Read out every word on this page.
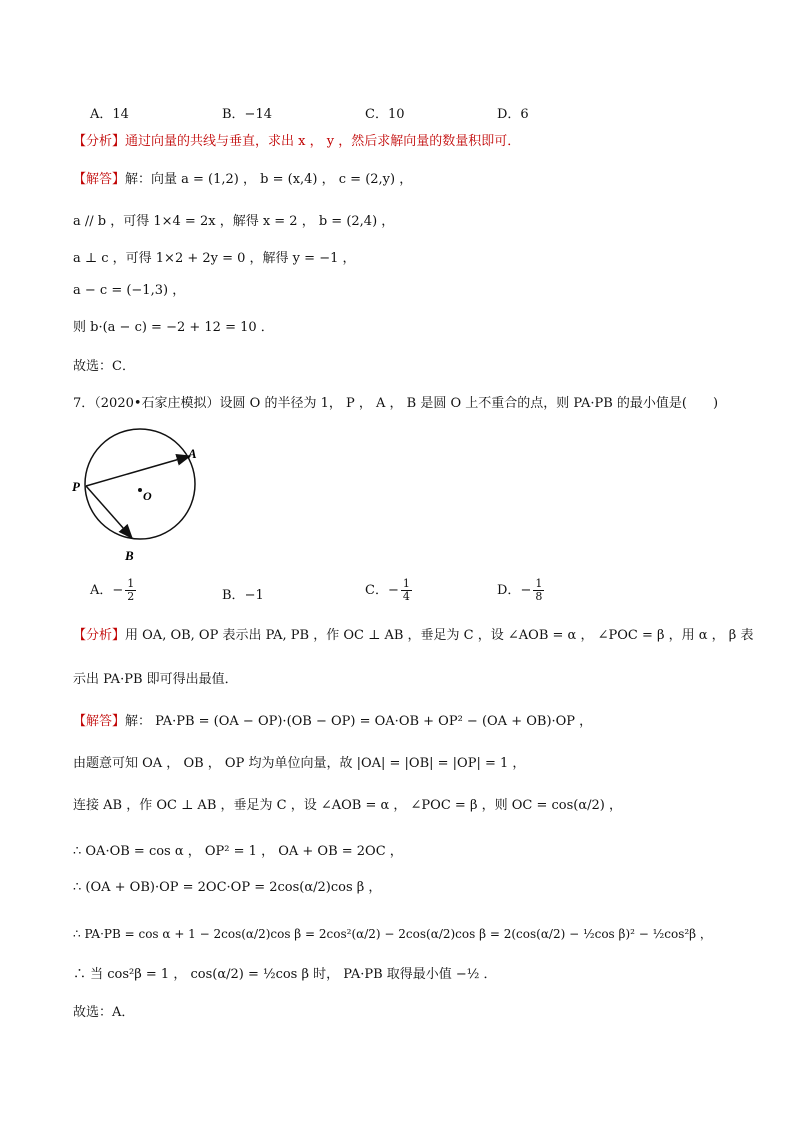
A．14	B．−14	C．10	D．6
【分析】通过向量的共线与垂直，求出 x ， y ，然后求解向量的数量积即可．
【解答】解：向量 a = (1,2) ， b = (x,4) ， c = (2,y) ，
a // b ，可得 1×4 = 2x ，解得 x = 2 ， b = (2,4) ，
a ⊥ c ，可得 1×2 + 2y = 0 ，解得 y = −1 ，
a − c = (−1,3) ，
则 b·(a − c) = −2 + 12 = 10 ．
故选：C．
7．（2020•石家庄模拟）设圆 O 的半径为 1， P ， A ， B 是圆 O 上不重合的点，则 PA·PB 的最小值是(　　)
P
A
B
O
A．− $\frac{1}{2}$	B．−1	C．− $\frac{1}{4}$	D．− $\frac{1}{8}$
【分析】用 OA, OB, OP 表示出 PA, PB ，作 OC ⊥ AB ，垂足为 C ，设 ∠AOB = α ， ∠POC = β ，用 α ， β 表
示出 PA·PB 即可得出最值．
【解答】解： PA·PB = (OA − OP)·(OB − OP) = OA·OB + OP² − (OA + OB)·OP ，
由题意可知 OA ， OB ， OP 均为单位向量，故 |OA| = |OB| = |OP| = 1 ，
连接 AB ，作 OC ⊥ AB ，垂足为 C ，设 ∠AOB = α ， ∠POC = β ，则 OC = cos(α/2) ，
∴ OA·OB = cos α ， OP² = 1 ， OA + OB = 2OC ，
∴ (OA + OB)·OP = 2OC·OP = 2cos(α/2)cos β ，
∴ PA·PB = cos α + 1 − 2cos(α/2)cos β = 2cos²(α/2) − 2cos(α/2)cos β = 2(cos(α/2) − ½cos β)² − ½cos²β ，
∴ 当 cos²β = 1 ， cos(α/2) = ½cos β 时， PA·PB 取得最小值 −½ ．
故选：A．
